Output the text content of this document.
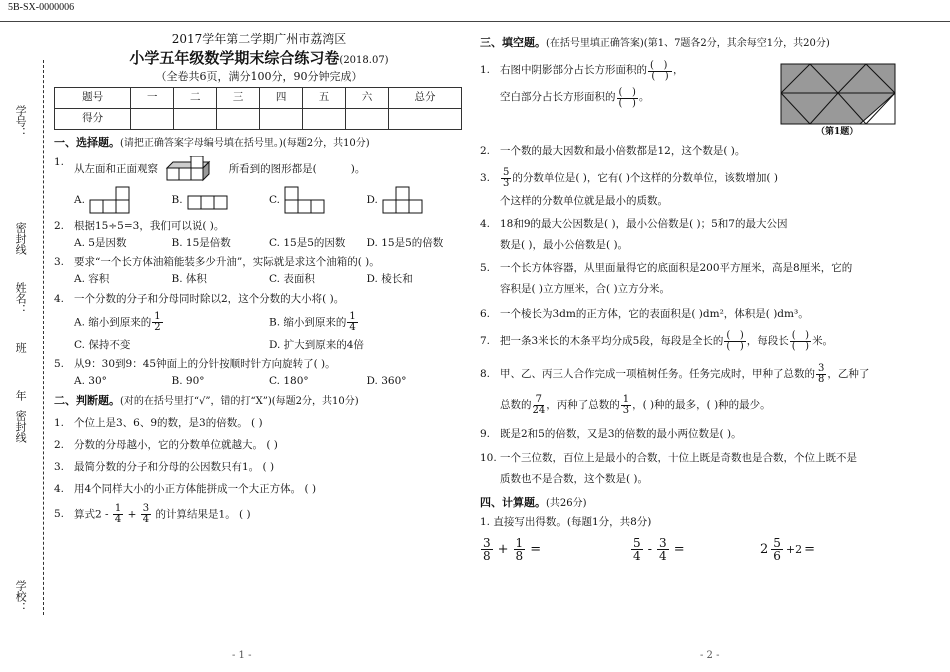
5B-SX-0000006
学号：
密封线
姓名：
班
年
密封线
学校：
2017学年第二学期广州市荔湾区
小学五年级数学期末综合练习卷(2018.07)
（全卷共6页，满分100分，90分钟完成）
题号	一	二	三	四	五	六	总分
得分							
一、选择题。(请把正确答案字母编号填在括号里。)(每题2分，共10分)
1.
从左面和正面观察	所看到的图形都是(	)。
A.	B.	C.	D.
2. 根据15÷5=3，我们可以说( )。
A. 5是因数	B. 15是倍数	C. 15是5的因数	D. 15是5的倍数
3. 要求“一个长方体油箱能装多少升油”，实际就是求这个油箱的( )。
A. 容积	B. 体积	C. 表面积	D. 棱长和
4. 一个分数的分子和分母同时除以2，这个分数的大小将( )。
A. 缩小到原来的 $\frac{1}{2}$	B. 缩小到原来的 $\frac{1}{4}$
C. 保持不变	D. 扩大到原来的4倍
5. 从9：30到9：45钟面上的分针按顺时针方向旋转了( )。
A. 30°	B. 90°	C. 180°	D. 360°
二、判断题。(对的在括号里打“√”，错的打“X”)(每题2分，共10分)
1. 个位上是3、6、9的数，是3的倍数。 ( )
2. 分数的分母越小，它的分数单位就越大。 ( )
3. 最简分数的分子和分母的公因数只有1。 ( )
4. 用4个同样大小的小正方体能拼成一个大正方体。 ( )
5. 算式$2 - \frac{1}{4} + \frac{3}{4}$ 的计算结果是1。 ( )
- 1 -	- 2 -
三、填空题。(在括号里填正确答案)(第1、7题各2分，其余每空1分，共20分)
1. 右图中阴影部分占长方形面积的 $\frac{( )}{( )}$ ，
空白部分占长方形面积的 $\frac{( )}{( )}$ 。
（第1题）
2. 一个数的最大因数和最小倍数都是12，这个数是( )。
3.	$\frac{5}{3}$ 的分数单位是( )，它有( )个这样的分数单位，该数增加( )
个这样的分数单位就是最小的质数。
4. 18和9的最大公因数是( )，最小公倍数是( )；5和7的最大公因
数是( )，最小公倍数是( )。
5. 一个长方体容器，从里面量得它的底面积是200平方厘米，高是8厘米，它的
容积是( )立方厘米，合( )立方分米。
6. 一个棱长为3dm的正方体，它的表面积是( )dm²，体积是( )dm³。
7. 把一条3米长的木条平均分成5段，每段是全长的 $\frac{( )}{( )}$ ，每段长 $\frac{( )}{( )}$ 米。
8. 甲、乙、丙三人合作完成一项植树任务。任务完成时，甲种了总数的 $\frac{3}{8}$ ，乙种了
总数的 $\frac{7}{24}$ ，丙种了总数的 $\frac{1}{3}$ ，( )种的最多，( )种的最少。
9. 既是2和5的倍数，又是3的倍数的最小两位数是( )。
10. 一个三位数，百位上是最小的合数，十位上既是奇数也是合数，个位上既不是
质数也不是合数，这个数是( )。
四、计算题。(共26分)
1. 直接写出得数。(每题1分，共8分)
$\frac{3}{8} + \frac{1}{8}$ =	$\frac{5}{4} - \frac{3}{4}$ =	$2 \frac{5}{6} +2$ =
